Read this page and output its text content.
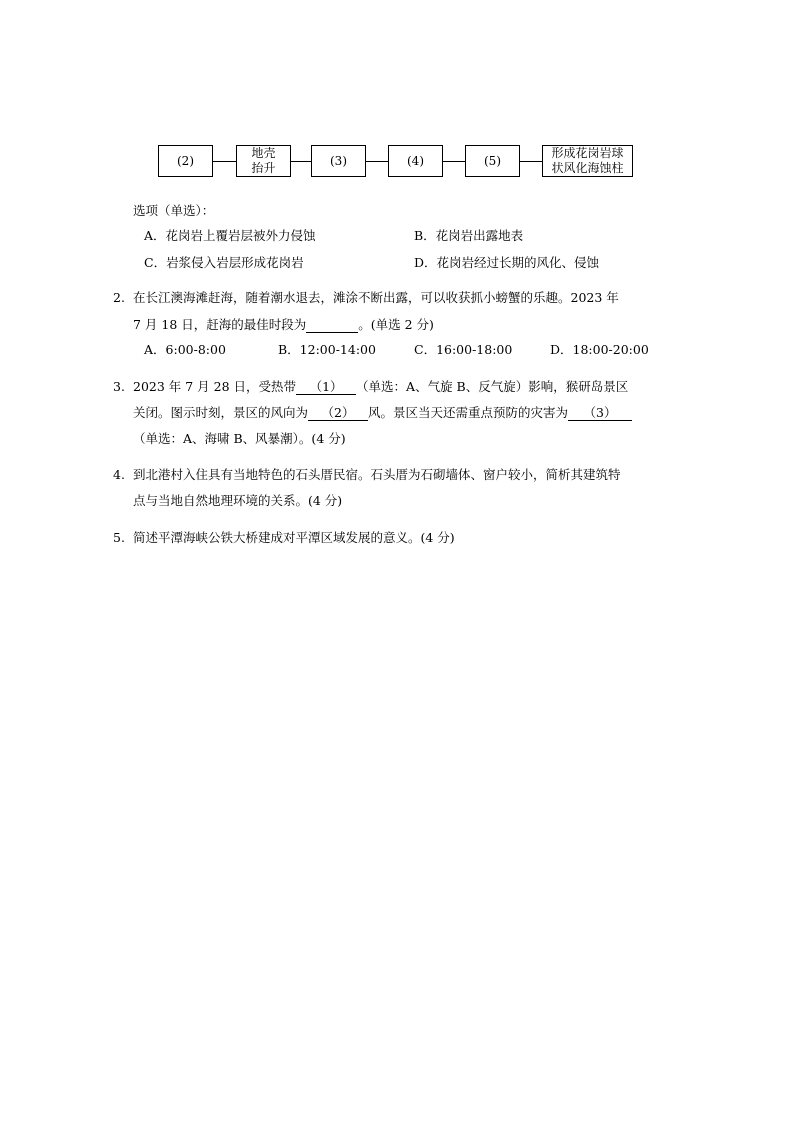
(2)
地壳
抬升
(3)	(4)	(5)
形成花岗岩球
状风化海蚀柱
选项（单选）：
A．花岗岩上覆岩层被外力侵蚀	B．花岗岩出露地表
C．岩浆侵入岩层形成花岗岩	D．花岗岩经过长期的风化、侵蚀
2. 在长江澳海滩赶海，随着潮水退去，滩涂不断出露，可以收获抓小螃蟹的乐趣。2023 年
7 月 18 日，赶海的最佳时段为	。(单选 2 分)
A．6:00-8:00	B．12:00-14:00	C．16:00-18:00	D．18:00-20:00
3. 2023 年 7 月 28 日，受热带 （1） （单选：A、气旋 B、反气旋）影响，猴研岛景区
关闭。图示时刻，景区的风向为 （2） 风。景区当天还需重点预防的灾害为 （3）
（单选：A、海啸 B、风暴潮）。(4 分)
4. 到北港村入住具有当地特色的石头厝民宿。石头厝为石砌墙体、窗户较小，简析其建筑特
点与当地自然地理环境的关系。(4 分)
5. 简述平潭海峡公铁大桥建成对平潭区域发展的意义。(4 分)
